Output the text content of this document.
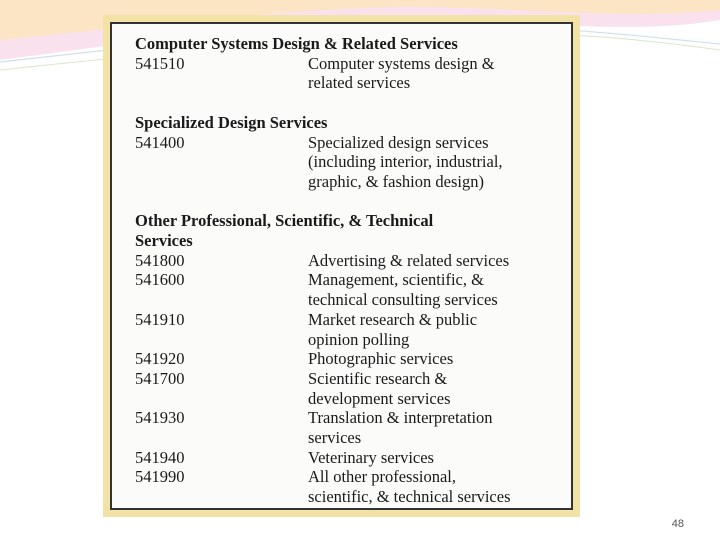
Computer Systems Design & Related Services
541510	Computer systems design &
related services
Specialized Design Services
541400	Specialized design services
(including interior, industrial,
graphic, & fashion design)
Other Professional, Scientific, & Technical
Services
541800	Advertising & related services
541600	Management, scientific, &
technical consulting services
541910	Market research & public
opinion polling
541920	Photographic services
541700	Scientific research &
development services
541930	Translation & interpretation
services
541940	Veterinary services
541990	All other professional,
scientific, & technical services
48
